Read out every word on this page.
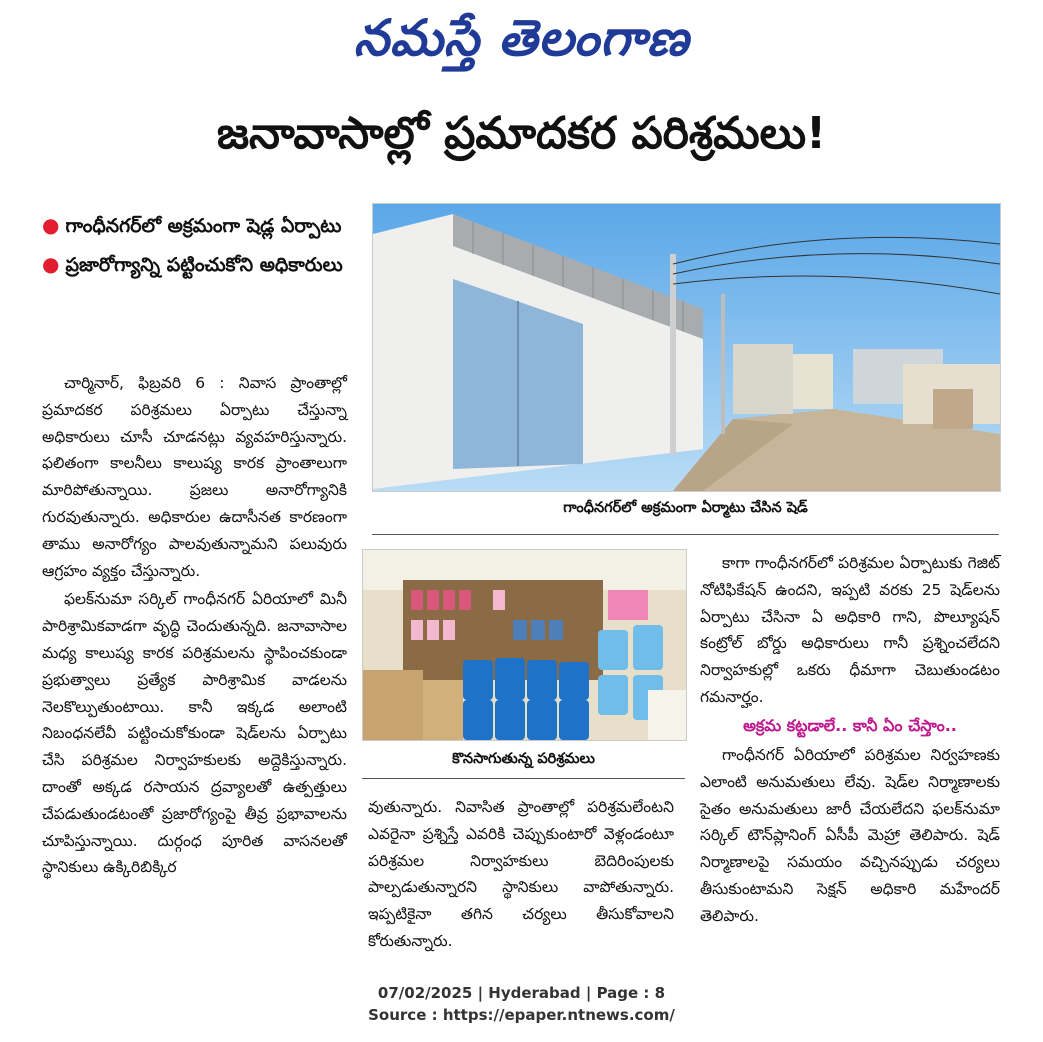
నమస్తే తెలంగాణ
జనావాసాల్లో ప్రమాదకర పరిశ్రమలు!
● గాంధీనగర్‌లో అక్రమంగా షెడ్ల ఏర్పాటు
● ప్రజారోగ్యాన్ని పట్టించుకోని అధికారులు

చార్మినార్, ఫిబ్రవరి 6 : నివాస ప్రాంతాల్లో ప్రమాదకర పరిశ్రమలు ఏర్పాటు చేస్తున్నా అధికారులు చూసీ చూడనట్లు వ్యవహరిస్తున్నారు. ఫలితంగా కాలనీలు కాలుష్య కారక ప్రాంతాలుగా మారిపోతున్నాయి. ప్రజలు అనారోగ్యానికి గురవుతున్నారు. అధికారుల ఉదాసీనత కారణంగా తాము అనారోగ్యం పాలవుతున్నామని పలువురు ఆగ్రహం వ్యక్తం చేస్తున్నారు.

ఫలక్‌నుమా సర్కిల్ గాంధీనగర్ ఏరియాలో మినీ పారిశ్రామికవాడగా వృద్ధి చెందుతున్నది. జనావాసాల మధ్య కాలుష్య కారక పరిశ్రమలను స్థాపించకుండా ప్రభుత్వాలు ప్రత్యేక పారిశ్రామిక వాడలను నెలకొల్పుతుంటాయి. కానీ ఇక్కడ అలాంటి నిబంధనలేవీ పట్టించుకోకుండా షెడ్‌లను ఏర్పాటు చేసి పరిశ్రమల నిర్వాహకులకు అద్దెకిస్తున్నారు. దాంతో అక్కడ రసాయన ద్రవ్యాలతో ఉత్పత్తులు చేపడుతుండటంతో ప్రజారోగ్యంపై తీవ్ర ప్రభావాలను చూపిస్తున్నాయి. దుర్గంధ పూరిత వాసనలతో స్థానికులు ఉక్కిరిబిక్కిర

గాంధీనగర్‌లో అక్రమంగా ఏర్మాటు చేసిన షెడ్
కొనసాగుతున్న పరిశ్రమలు

వుతున్నారు. నివాసిత ప్రాంతాల్లో పరిశ్రమలేంటని ఎవరైనా ప్రశ్నిస్తే ఎవరికి చెప్పుకుంటారో వెళ్లండంటూ పరిశ్రమల నిర్వాహకులు బెదిరింపులకు పాల్పడుతున్నారని స్థానికులు వాపోతున్నారు. ఇప్పటికైనా తగిన చర్యలు తీసుకోవాలని కోరుతున్నారు.

కాగా గాంధీనగర్‌లో పరిశ్రమల ఏర్పాటుకు గెజిట్ నోటిఫికేషన్ ఉందని, ఇప్పటి వరకు 25 షెడ్‌లను ఏర్పాటు చేసినా ఏ అధికారి గాని, పొల్యూషన్ కంట్రోల్ బోర్డు అధికారులు గానీ ప్రశ్నించలేదని నిర్వాహకుల్లో ఒకరు ధీమాగా చెబుతుండటం గమనార్హం.

అక్రమ కట్టడాలే.. కానీ ఏం చేస్తాం..

గాంధీనగర్ ఏరియాలో పరిశ్రమల నిర్వహణకు ఎలాంటి అనుమతులు లేవు. షెడ్‌ల నిర్మాణాలకు సైతం అనుమతులు జారీ చేయలేదని ఫలక్‌నుమా సర్కిల్ టౌన్‌ప్లానింగ్ ఏసీపీ మెహ్రా తెలిపారు. షెడ్ నిర్మాణాలపై సమయం వచ్చినప్పుడు చర్యలు తీసుకుంటామని సెక్షన్ అధికారి మహేందర్ తెలిపారు.

07/02/2025 | Hyderabad | Page : 8
Source : https://epaper.ntnews.com/
